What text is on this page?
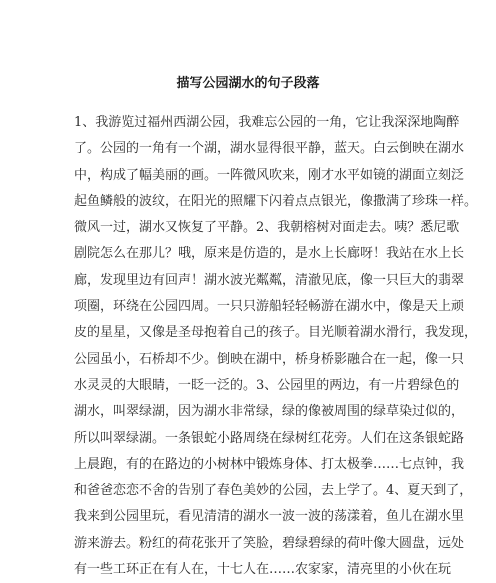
描写公园湖水的句子段落
1、我游览过福州西湖公园，我难忘公园的一角，它让我深深地陶醉
了。公园的一角有一个湖，湖水显得很平静，蓝天。白云倒映在湖水
中，构成了幅美丽的画。一阵微风吹来，刚才水平如镜的湖面立刻泛
起鱼鳞般的波纹，在阳光的照耀下闪着点点银光，像撒满了珍珠一样。
微风一过，湖水又恢复了平静。2、我朝榕树对面走去。咦？悉尼歌
剧院怎么在那儿？哦，原来是仿造的，是水上长廊呀！我站在水上长
廊，发现里边有回声！湖水波光粼粼，清澈见底，像一只巨大的翡翠
项圈，环绕在公园四周。一只只游船轻轻畅游在湖水中，像是天上顽
皮的星星，又像是圣母抱着自己的孩子。目光顺着湖水滑行，我发现，
公园虽小，石桥却不少。倒映在湖中，桥身桥影融合在一起，像一只
水灵灵的大眼睛，一眨一泛的。3、公园里的两边，有一片碧绿色的
湖水，叫翠绿湖，因为湖水非常绿，绿的像被周围的绿草染过似的，
所以叫翠绿湖。一条银蛇小路周绕在绿树红花旁。人们在这条银蛇路
上晨跑，有的在路边的小树林中锻炼身体、打太极拳……七点钟，我
和爸爸恋恋不舍的告别了春色美妙的公园，去上学了。4、夏天到了，
我来到公园里玩，看见清清的湖水一波一波的荡漾着，鱼儿在湖水里
游来游去。粉红的荷花张开了笑脸，碧绿碧绿的荷叶像大圆盘，远处
有一些工环正在有人在，十七人在……农家家，清亮里的小伙在玩
